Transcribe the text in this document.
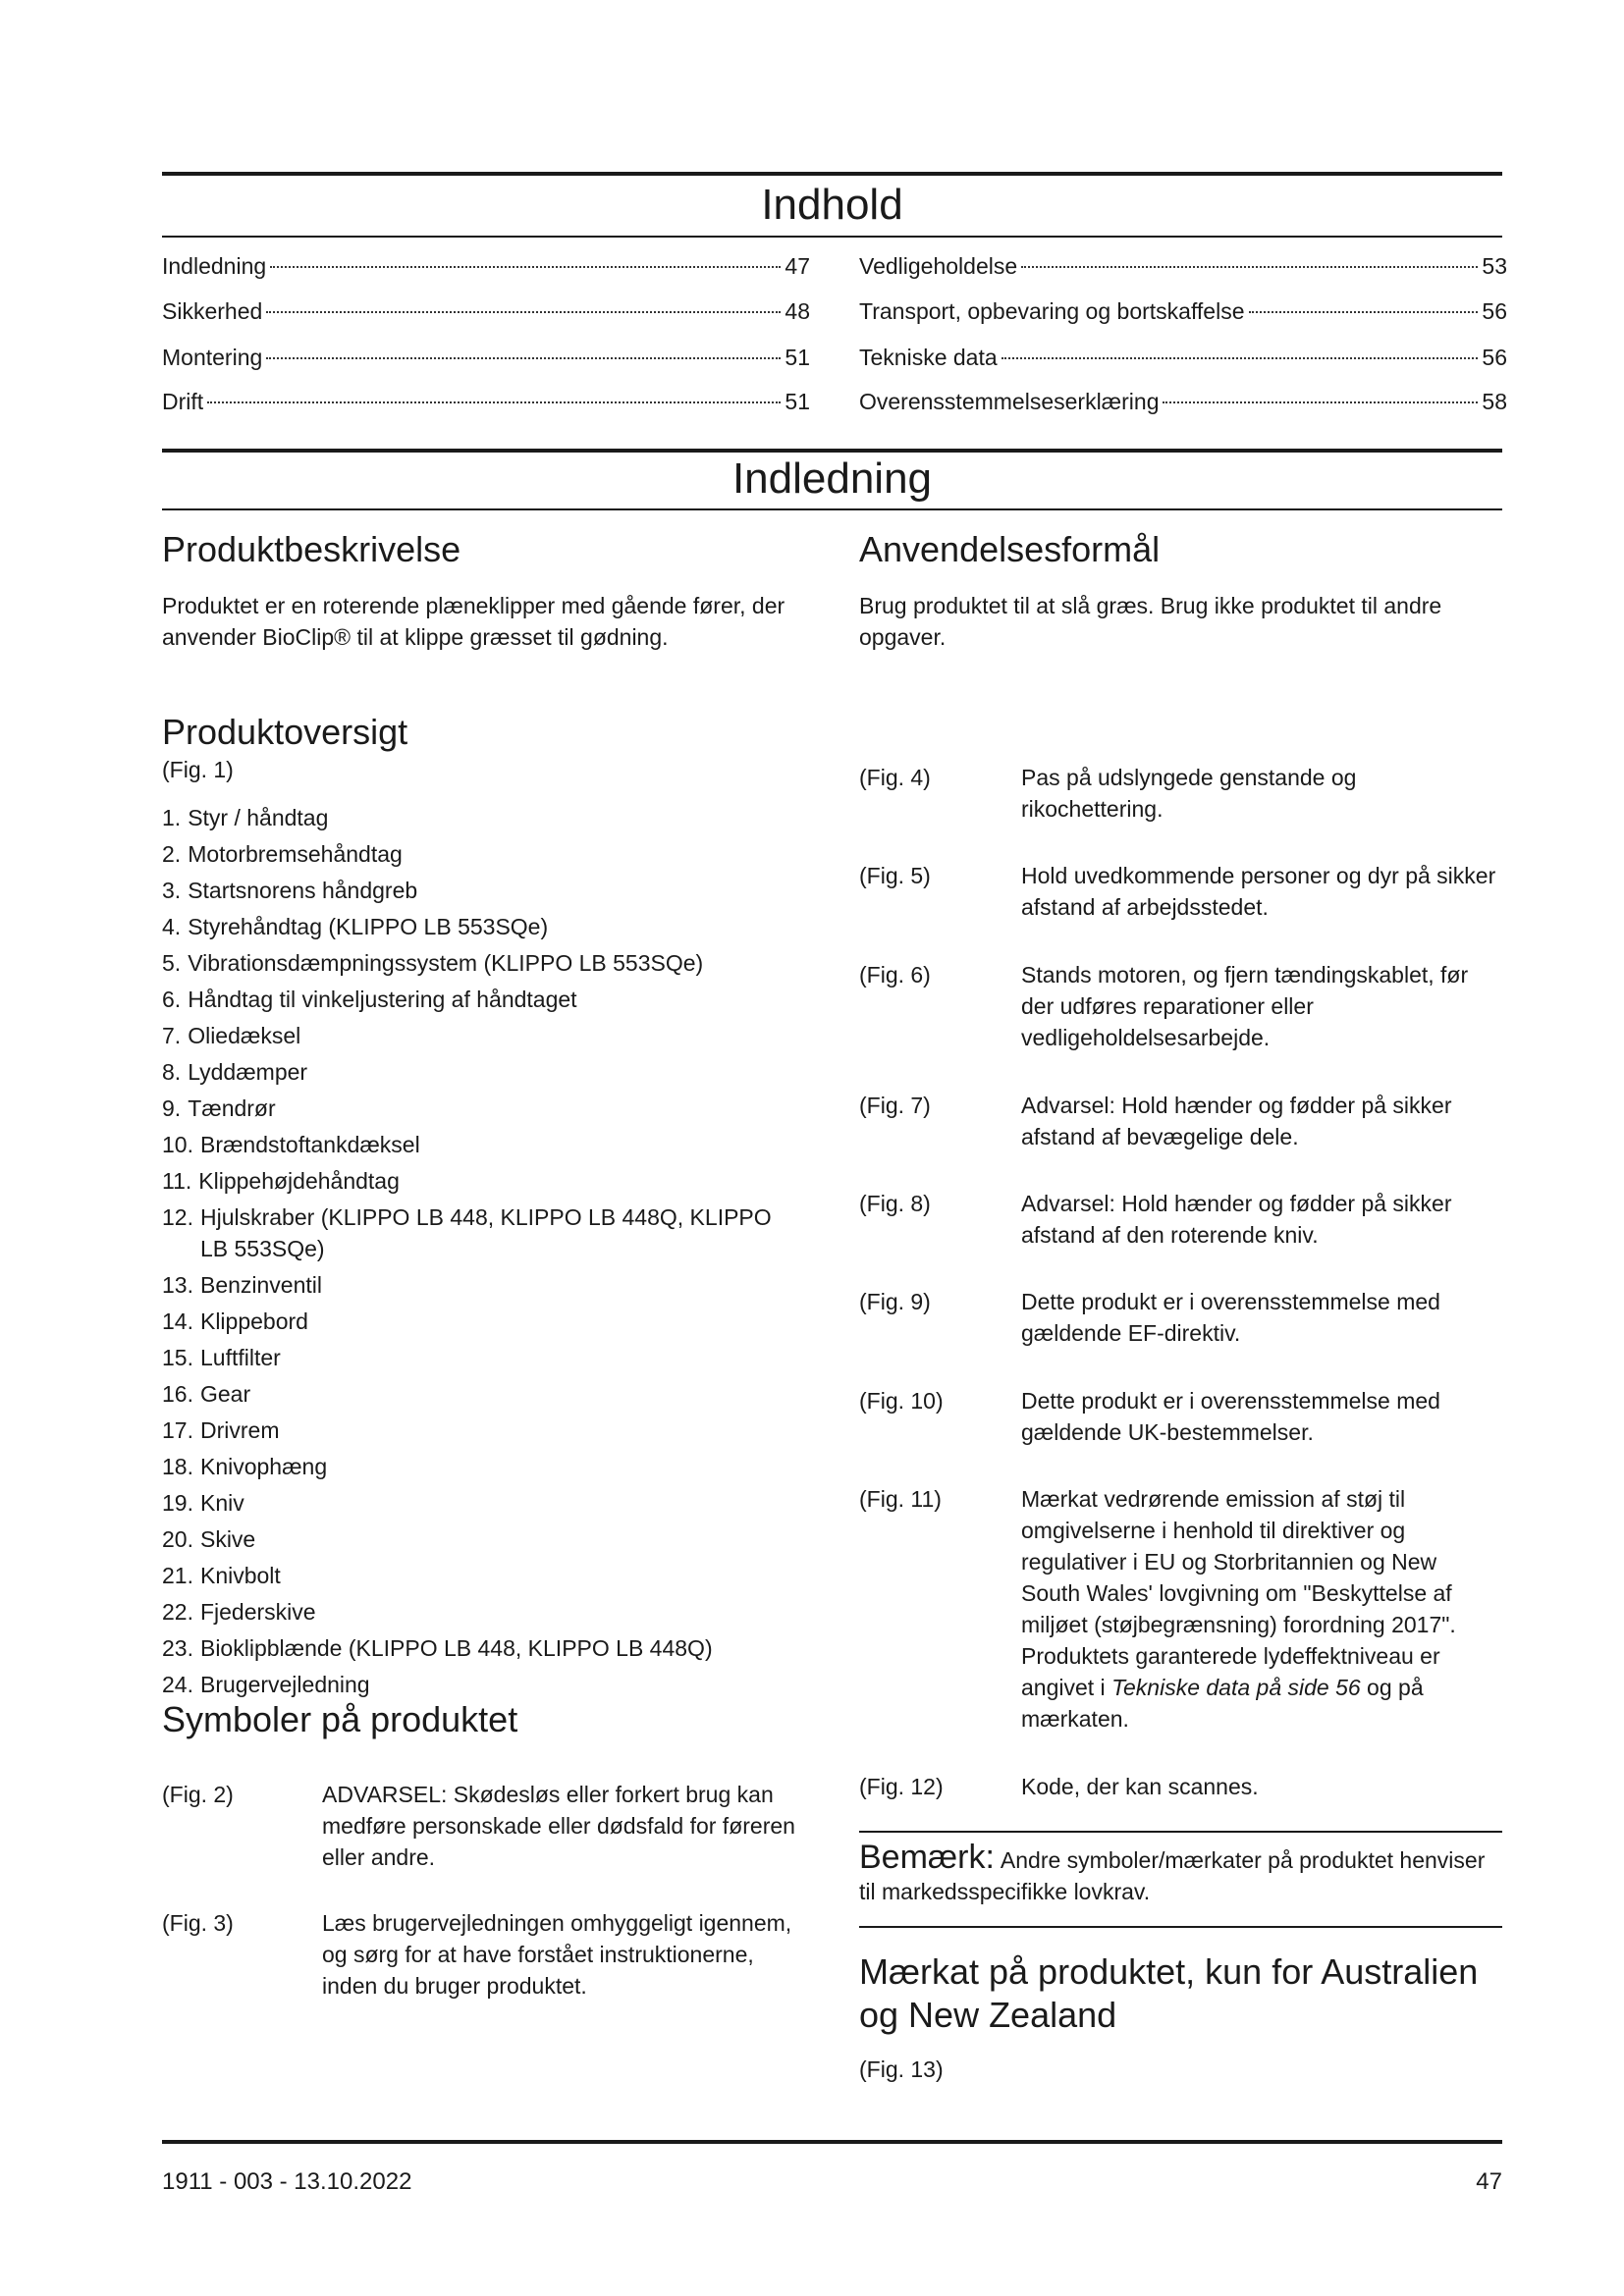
Indhold
Indledning	47
Sikkerhed	48
Montering	51
Drift	51
Vedligeholdelse	53
Transport, opbevaring og bortskaffelse	56
Tekniske data	56
Overensstemmelseserklæring	58
Indledning
Produktbeskrivelse

Produktet er en roterende plæneklipper med gående fører, der anvender BioClip® til at klippe græsset til gødning.

Produktoversigt

(Fig. 1)

1. Styr / håndtag
2. Motorbremsehåndtag
3. Startsnorens håndgreb
4. Styrehåndtag (KLIPPO LB 553SQe)
5. Vibrationsdæmpningssystem (KLIPPO LB 553SQe)
6. Håndtag til vinkeljustering af håndtaget
7. Oliedæksel
8. Lyddæmper
9. Tændrør
10. Brændstoftankdæksel
11. Klippehøjdehåndtag
12. Hjulskraber (KLIPPO LB 448, KLIPPO LB 448Q, KLIPPO LB 553SQe)
13. Benzinventil
14. Klippebord
15. Luftfilter
16. Gear
17. Drivrem
18. Knivophæng
19. Kniv
20. Skive
21. Knivbolt
22. Fjederskive
23. Bioklipblænde (KLIPPO LB 448, KLIPPO LB 448Q)
24. Brugervejledning
Symboler på produktet
(Fig. 2)	ADVARSEL: Skødesløs eller forkert brug kan medføre personskade eller dødsfald for føreren eller andre.
(Fig. 3)	Læs brugervejledningen omhyggeligt igennem, og sørg for at have forstået instruktionerne, inden du bruger produktet.
Anvendelsesformål

Brug produktet til at slå græs. Brug ikke produktet til andre opgaver.

(Fig. 4)	Pas på udslyngede genstande og rikochettering.
(Fig. 5)	Hold uvedkommende personer og dyr på sikker afstand af arbejdsstedet.
(Fig. 6)	Stands motoren, og fjern tændingskablet, før der udføres reparationer eller vedligeholdelsesarbejde.
(Fig. 7)	Advarsel: Hold hænder og fødder på sikker afstand af bevægelige dele.
(Fig. 8)	Advarsel: Hold hænder og fødder på sikker afstand af den roterende kniv.
(Fig. 9)	Dette produkt er i overensstemmelse med gældende EF-direktiv.
(Fig. 10)	Dette produkt er i overensstemmelse med gældende UK-bestemmelser.
(Fig. 11)	Mærkat vedrørende emission af støj til omgivelserne i henhold til direktiver og regulativer i EU og Storbritannien og New South Wales' lovgivning om "Beskyttelse af miljøet (støjbegrænsning) forordning 2017". Produktets garanterede lydeffektniveau er angivet i Tekniske data på side 56 og på mærkaten.
(Fig. 12)	Kode, der kan scannes.

Bemærk: Andre symboler/mærkater på produktet henviser til markedsspecifikke lovkrav.

Mærkat på produktet, kun for Australien og New Zealand

(Fig. 13)

1911 - 003 - 13.10.2022	47
